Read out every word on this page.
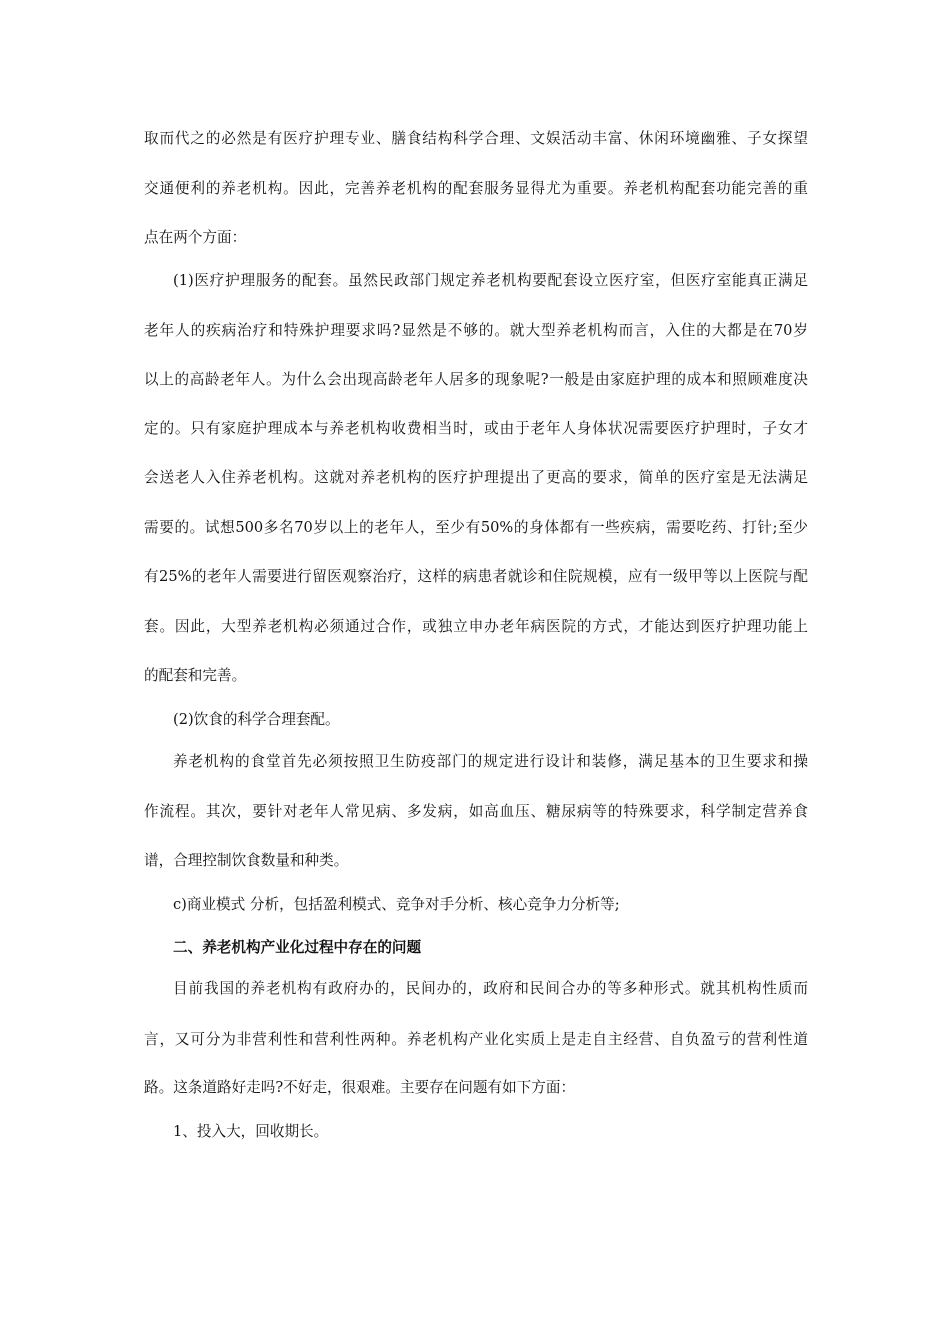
取而代之的必然是有医疗护理专业、膳食结构科学合理、文娱活动丰富、休闲环境幽雅、子女探望
交通便利的养老机构。因此，完善养老机构的配套服务显得尤为重要。养老机构配套功能完善的重
点在两个方面：
(1)医疗护理服务的配套。虽然民政部门规定养老机构要配套设立医疗室，但医疗室能真正满足
老年人的疾病治疗和特殊护理要求吗?显然是不够的。就大型养老机构而言，入住的大都是在70岁
以上的高龄老年人。为什么会出现高龄老年人居多的现象呢?一般是由家庭护理的成本和照顾难度决
定的。只有家庭护理成本与养老机构收费相当时，或由于老年人身体状况需要医疗护理时，子女才
会送老人入住养老机构。这就对养老机构的医疗护理提出了更高的要求，简单的医疗室是无法满足
需要的。试想500多名70岁以上的老年人，至少有50%的身体都有一些疾病，需要吃药、打针;至少
有25%的老年人需要进行留医观察治疗，这样的病患者就诊和住院规模，应有一级甲等以上医院与配
套。因此，大型养老机构必须通过合作，或独立申办老年病医院的方式，才能达到医疗护理功能上
的配套和完善。
(2)饮食的科学合理套配。
养老机构的食堂首先必须按照卫生防疫部门的规定进行设计和装修，满足基本的卫生要求和操
作流程。其次，要针对老年人常见病、多发病，如高血压、糖尿病等的特殊要求，科学制定营养食
谱，合理控制饮食数量和种类。
c)商业模式 分析，包括盈利模式、竞争对手分析、核心竞争力分析等;
二、养老机构产业化过程中存在的问题
目前我国的养老机构有政府办的，民间办的，政府和民间合办的等多种形式。就其机构性质而
言，又可分为非营利性和营利性两种。养老机构产业化实质上是走自主经营、自负盈亏的营利性道
路。这条道路好走吗?不好走，很艰难。主要存在问题有如下方面：
1、投入大，回收期长。
